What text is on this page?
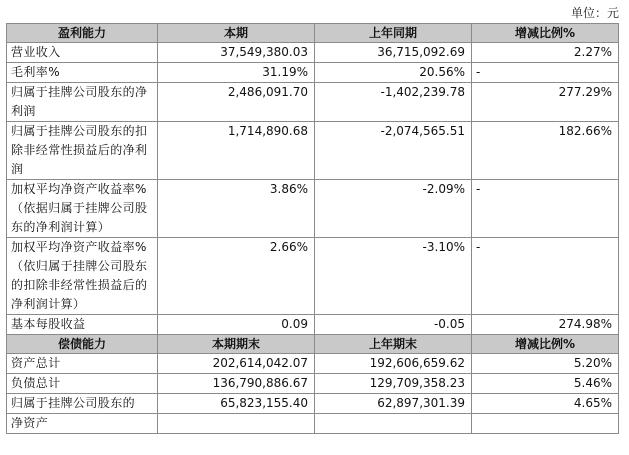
单位：元
盈利能力	本期	上年同期	增减比例%
营业收入	37,549,380.03	36,715,092.69	2.27%
毛利率%	31.19%	20.56%	-
归属于挂牌公司股东的净利润	2,486,091.70	-1,402,239.78	277.29%
归属于挂牌公司股东的扣除非经常性损益后的净利润	1,714,890.68	-2,074,565.51	182.66%
加权平均净资产收益率%（依据归属于挂牌公司股东的净利润计算）	3.86%	-2.09%	-
加权平均净资产收益率%（依归属于挂牌公司股东的扣除非经常性损益后的净利润计算）	2.66%	-3.10%	-
基本每股收益	0.09	-0.05	274.98%
偿债能力	本期期末	上年期末	增减比例%
资产总计	202,614,042.07	192,606,659.62	5.20%
负债总计	136,790,886.67	129,709,358.23	5.46%
归属于挂牌公司股东的	65,823,155.40	62,897,301.39	4.65%
净资产			
